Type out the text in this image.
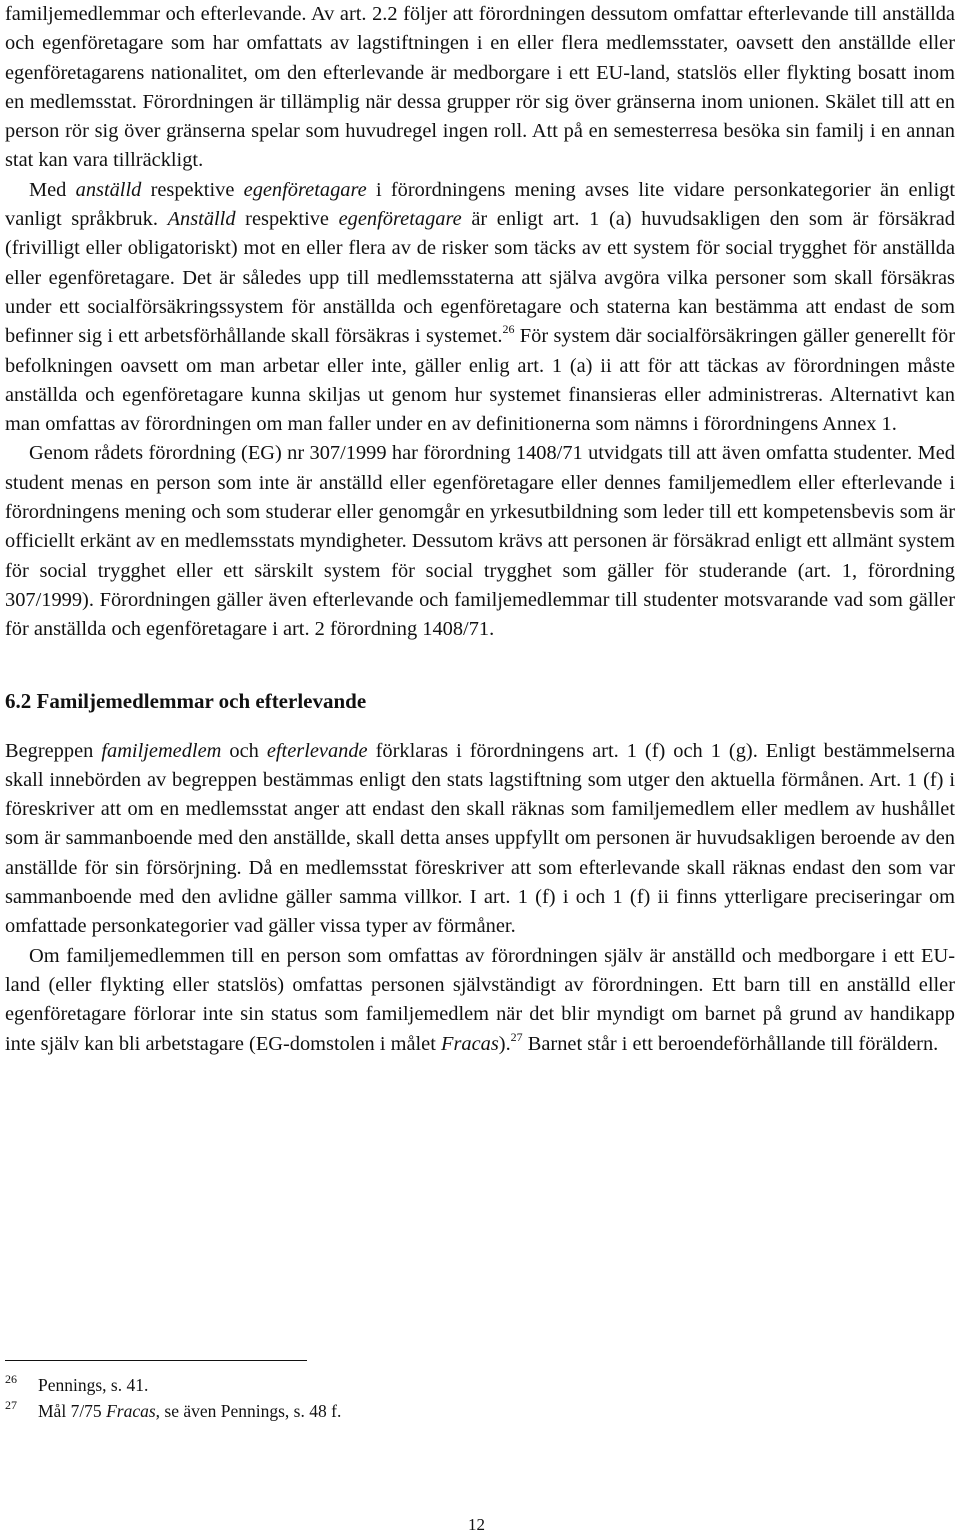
familjemedlemmar och efterlevande. Av art. 2.2 följer att förordningen dessutom omfattar efterlevande till anställda och egenföretagare som har omfattats av lagstiftningen i en eller flera medlemsstater, oavsett den anställde eller egenföretagarens nationalitet, om den efterlevande är medborgare i ett EU-land, statslös eller flykting bosatt inom en medlemsstat. Förordningen är tillämplig när dessa grupper rör sig över gränserna inom unionen. Skälet till att en person rör sig över gränserna spelar som huvudregel ingen roll. Att på en semesterresa besöka sin familj i en annan stat kan vara tillräckligt.

Med anställd respektive egenföretagare i förordningens mening avses lite vidare personkategorier än enligt vanligt språkbruk. Anställd respektive egenföretagare är enligt art. 1 (a) huvudsakligen den som är försäkrad (frivilligt eller obligatoriskt) mot en eller flera av de risker som täcks av ett system för social trygghet för anställda eller egenföretagare. Det är således upp till medlemsstaterna att själva avgöra vilka personer som skall försäkras under ett socialförsäkringssystem för anställda och egenföretagare och staterna kan bestämma att endast de som befinner sig i ett arbetsförhållande skall försäkras i systemet.$^{26}$ För system där socialförsäkringen gäller generellt för befolkningen oavsett om man arbetar eller inte, gäller enlig art. 1 (a) ii att för att täckas av förordningen måste anställda och egenföretagare kunna skiljas ut genom hur systemet finansieras eller administreras. Alternativt kan man omfattas av förordningen om man faller under en av definitionerna som nämns i förordningens Annex 1.

Genom rådets förordning (EG) nr 307/1999 har förordning 1408/71 utvidgats till att även omfatta studenter. Med student menas en person som inte är anställd eller egenföretagare eller dennes familjemedlem eller efterlevande i förordningens mening och som studerar eller genomgår en yrkesutbildning som leder till ett kompetensbevis som är officiellt erkänt av en medlemsstats myndigheter. Dessutom krävs att personen är försäkrad enligt ett allmänt system för social trygghet eller ett särskilt system för social trygghet som gäller för studerande (art. 1, förordning 307/1999). Förordningen gäller även efterlevande och familjemedlemmar till studenter motsvarande vad som gäller för anställda och egenföretagare i art. 2 förordning 1408/71.

6.2 Familjemedlemmar och efterlevande

Begreppen familjemedlem och efterlevande förklaras i förordningens art. 1 (f) och 1 (g). Enligt bestämmelserna skall innebörden av begreppen bestämmas enligt den stats lagstiftning som utger den aktuella förmånen. Art. 1 (f) i föreskriver att om en medlemsstat anger att endast den skall räknas som familjemedlem eller medlem av hushållet som är sammanboende med den anställde, skall detta anses uppfyllt om personen är huvudsakligen beroende av den anställde för sin försörjning. Då en medlemsstat föreskriver att som efterlevande skall räknas endast den som var sammanboende med den avlidne gäller samma villkor. I art. 1 (f) i och 1 (f) ii finns ytterligare preciseringar om omfattade personkategorier vad gäller vissa typer av förmåner.

Om familjemedlemmen till en person som omfattas av förordningen själv är anställd och medborgare i ett EU-land (eller flykting eller statslös) omfattas personen självständigt av förordningen. Ett barn till en anställd eller egenföretagare förlorar inte sin status som familjemedlem när det blir myndigt om barnet på grund av handikapp inte själv kan bli arbetstagare (EG-domstolen i målet Fracas).$^{27}$ Barnet står i ett beroendeförhållande till föräldern.

26 Pennings, s. 41.
27 Mål 7/75 Fracas, se även Pennings, s. 48 f.
12
